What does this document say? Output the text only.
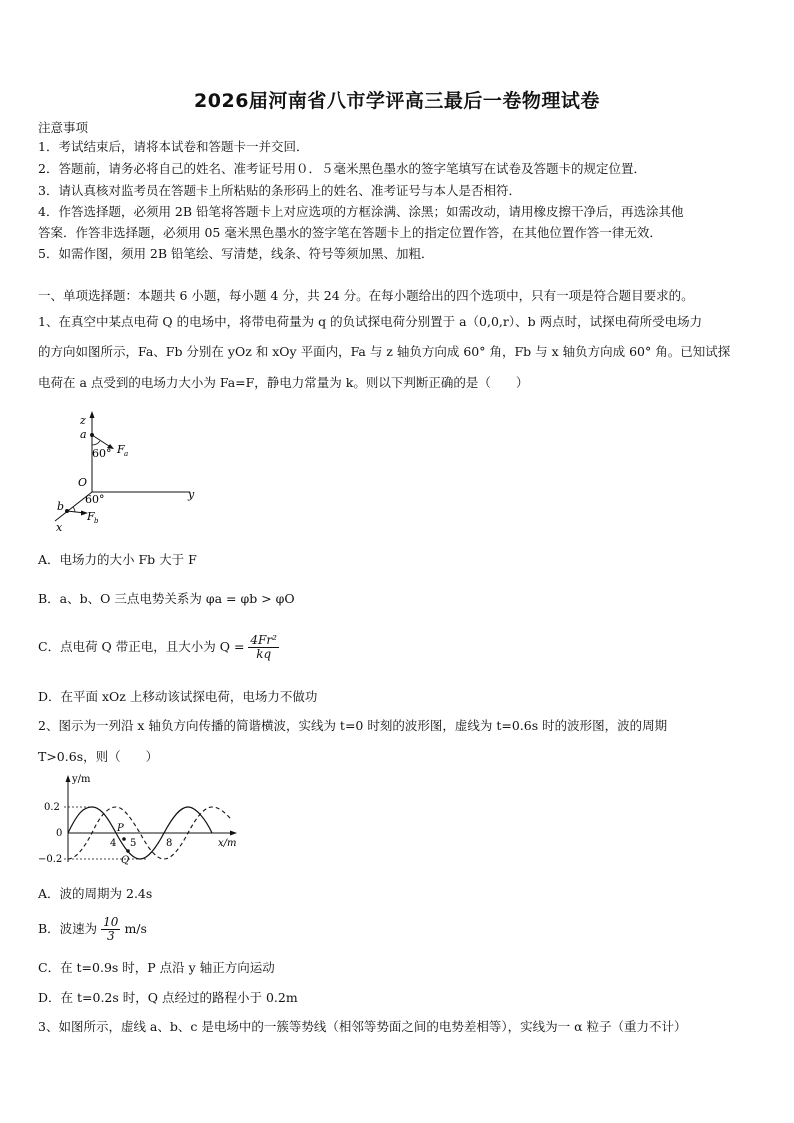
2026届河南省八市学评高三最后一卷物理试卷
注意事项
1．考试结束后，请将本试卷和答题卡一并交回．
2．答题前，请务必将自己的姓名、准考证号用０．５毫米黑色墨水的签字笔填写在试卷及答题卡的规定位置．
3．请认真核对监考员在答题卡上所粘贴的条形码上的姓名、准考证号与本人是否相符．
4．作答选择题，必须用 2B 铅笔将答题卡上对应选项的方框涂满、涂黑；如需改动，请用橡皮擦干净后，再选涂其他
答案．作答非选择题，必须用 05 毫米黑色墨水的签字笔在答题卡上的指定位置作答，在其他位置作答一律无效．
5．如需作图，须用 2B 铅笔绘、写清楚，线条、符号等须加黑、加粗．
一、单项选择题：本题共 6 小题，每小题 4 分，共 24 分。在每小题给出的四个选项中，只有一项是符合题目要求的。
1、在真空中某点电荷 Q 的电场中，将带电荷量为 q 的负试探电荷分别置于 a（0,0,r）、b 两点时，试探电荷所受电场力
的方向如图所示，Fa、Fb 分别在 yOz 和 xOy 平面内，Fa 与 z 轴负方向成 60° 角，Fb 与 x 轴负方向成 60° 角。已知试探
电荷在 a 点受到的电场力大小为 Fa=F，静电力常量为 k。则以下判断正确的是（　　）
z
a
60° F a
O
y
60°
b
F b
x
A．电场力的大小 Fb 大于 F
B．a、b、O 三点电势关系为 φa = φb > φO
C．点电荷 Q 带正电，且大小为 $Q = \frac{\text{4Fr²}}{kq}$
D．在平面 xOz 上移动该试探电荷，电场力不做功
2、图示为一列沿 x 轴负方向传播的简谐横波，实线为 t=0 时刻的波形图，虚线为 t=0.6s 时的波形图，波的周期
T>0.6s，则（　　）
y/m
0.2
0
−0.2
4 5	8	x/m
P
Q
A．波的周期为 2.4s
B．波速为 $\frac{10}{3} m/s$
C．在 t=0.9s 时，P 点沿 y 轴正方向运动
D．在 t=0.2s 时，Q 点经过的路程小于 0.2m
3、如图所示，虚线 a、b、c 是电场中的一簇等势线（相邻等势面之间的电势差相等），实线为一 α 粒子（重力不计）
